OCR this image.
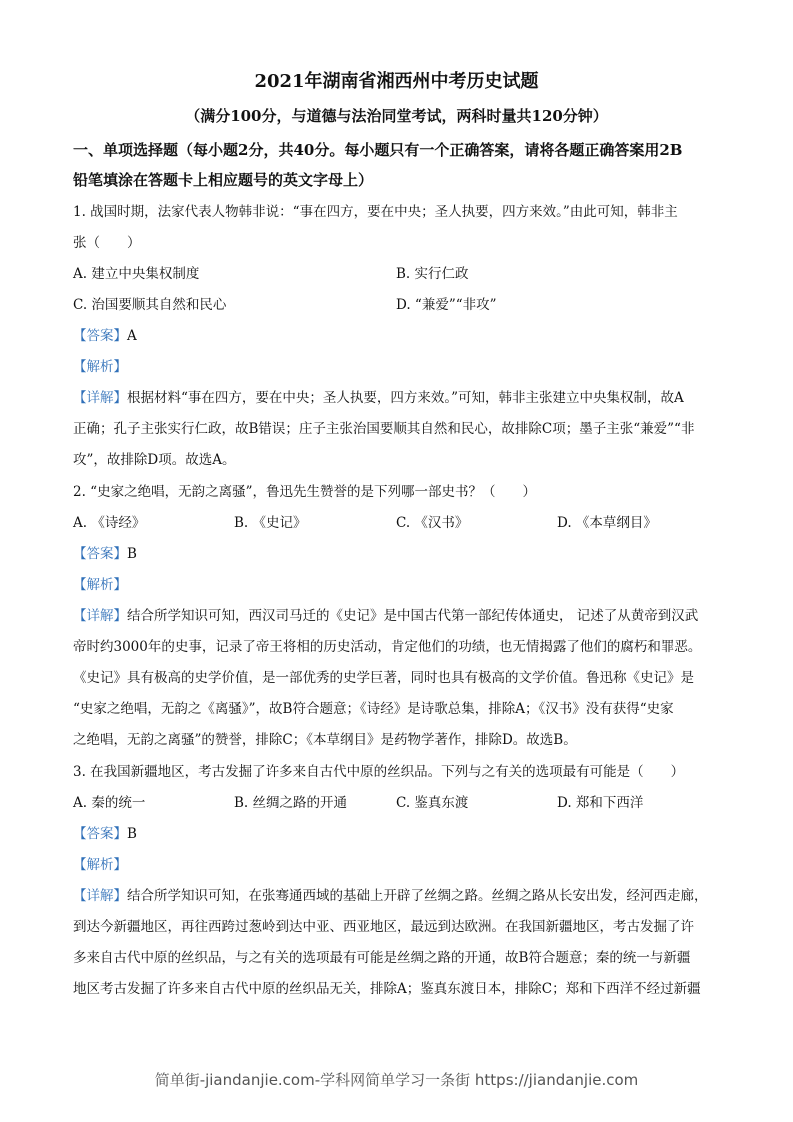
2021年湖南省湘西州中考历史试题
（满分100分，与道德与法治同堂考试，两科时量共120分钟）
一、单项选择题（每小题2分，共40分。每小题只有一个正确答案，请将各题正确答案用2B
铅笔填涂在答题卡上相应题号的英文字母上）
1. 战国时期，法家代表人物韩非说：“事在四方，要在中央；圣人执要，四方来效。”由此可知，韩非主
张（　　）
A. 建立中央集权制度	B. 实行仁政
C. 治国要顺其自然和民心	D. “兼爱”“非攻”
【答案】A
【解析】
【详解】根据材料“事在四方，要在中央；圣人执要，四方来效。”可知，韩非主张建立中央集权制，故A
正确；孔子主张实行仁政，故B错误；庄子主张治国要顺其自然和民心，故排除C项；墨子主张“兼爱”“非
攻”，故排除D项。故选A。
2. “史家之绝唱，无韵之离骚”，鲁迅先生赞誉的是下列哪一部史书？（　　）
A. 《诗经》	B. 《史记》	C. 《汉书》	D. 《本草纲目》
【答案】B
【解析】
【详解】结合所学知识可知，西汉司马迁的《史记》是中国古代第一部纪传体通史， 记述了从黄帝到汉武
帝时约3000年的史事，记录了帝王将相的历史活动，肯定他们的功绩，也无情揭露了他们的腐朽和罪恶。
《史记》具有极高的史学价值，是一部优秀的史学巨著，同时也具有极高的文学价值。鲁迅称《史记》是
“史家之绝唱，无韵之《离骚》”，故B符合题意；《诗经》是诗歌总集，排除A；《汉书》没有获得“史家
之绝唱，无韵之离骚”的赞誉，排除C；《本草纲目》是药物学著作，排除D。故选B。
3. 在我国新疆地区，考古发掘了许多来自古代中原的丝织品。下列与之有关的选项最有可能是（　　）
A. 秦的统一	B. 丝绸之路的开通	C. 鉴真东渡	D. 郑和下西洋
【答案】B
【解析】
【详解】结合所学知识可知，在张骞通西域的基础上开辟了丝绸之路。丝绸之路从长安出发，经河西走廊，
到达今新疆地区，再往西跨过葱岭到达中亚、西亚地区，最远到达欧洲。在我国新疆地区，考古发掘了许
多来自古代中原的丝织品，与之有关的选项最有可能是丝绸之路的开通，故B符合题意；秦的统一与新疆
地区考古发掘了许多来自古代中原的丝织品无关，排除A；鉴真东渡日本，排除C；郑和下西洋不经过新疆
简单街-jiandanjie.com-学科网简单学习一条街 https://jiandanjie.com
